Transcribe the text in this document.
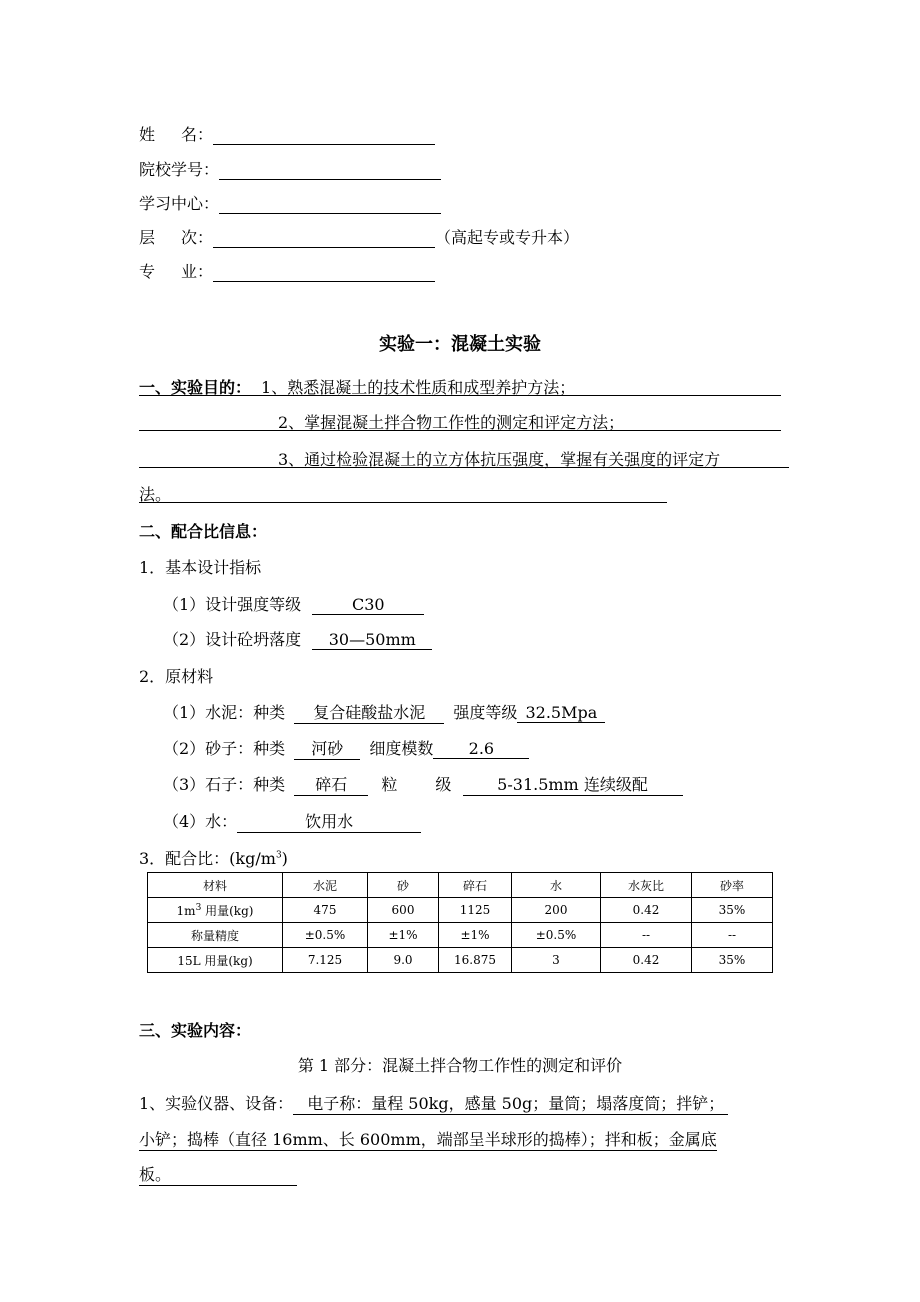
姓 名：
院校学号：
学习中心：
层 次：	（高起专或专升本）
专 业：
实验一：混凝土实验
一、实验目的： 1、熟悉混凝土的技术性质和成型养护方法；
2、掌握混凝土拌合物工作性的测定和评定方法；
3、通过检验混凝土的立方体抗压强度，掌握有关强度的评定方
法。
二、配合比信息：
1．基本设计指标
（1）设计强度等级	C30
（2）设计砼坍落度 30—50mm
2．原材料
（1）水泥：种类 复合硅酸盐水泥 强度等级 32.5Mpa
（2）砂子：种类 河砂 细度模数 2.6
（3）石子：种类 碎石 粒 级	5-31.5mm 连续级配
（4）水：	饮用水
3．配合比：$(kg/m^3)$
材料	水泥	砂	碎石	水	水灰比	砂率
$1m^3$ 用量(kg)	475	600	1125	200	0.42	35%
称量精度	±0.5%	±1%	±1%	±0.5%	--	--
15L 用量(kg)	7.125	9.0	16.875	3	0.42	35%
三、实验内容：
第 1 部分：混凝土拌合物工作性的测定和评价
1、实验仪器、设备： 电子称：量程 50kg，感量 50g；量筒；塌落度筒；拌铲；
小铲；捣棒（直径 16mm、长 600mm，端部呈半球形的捣棒）；拌和板；金属底
板。
